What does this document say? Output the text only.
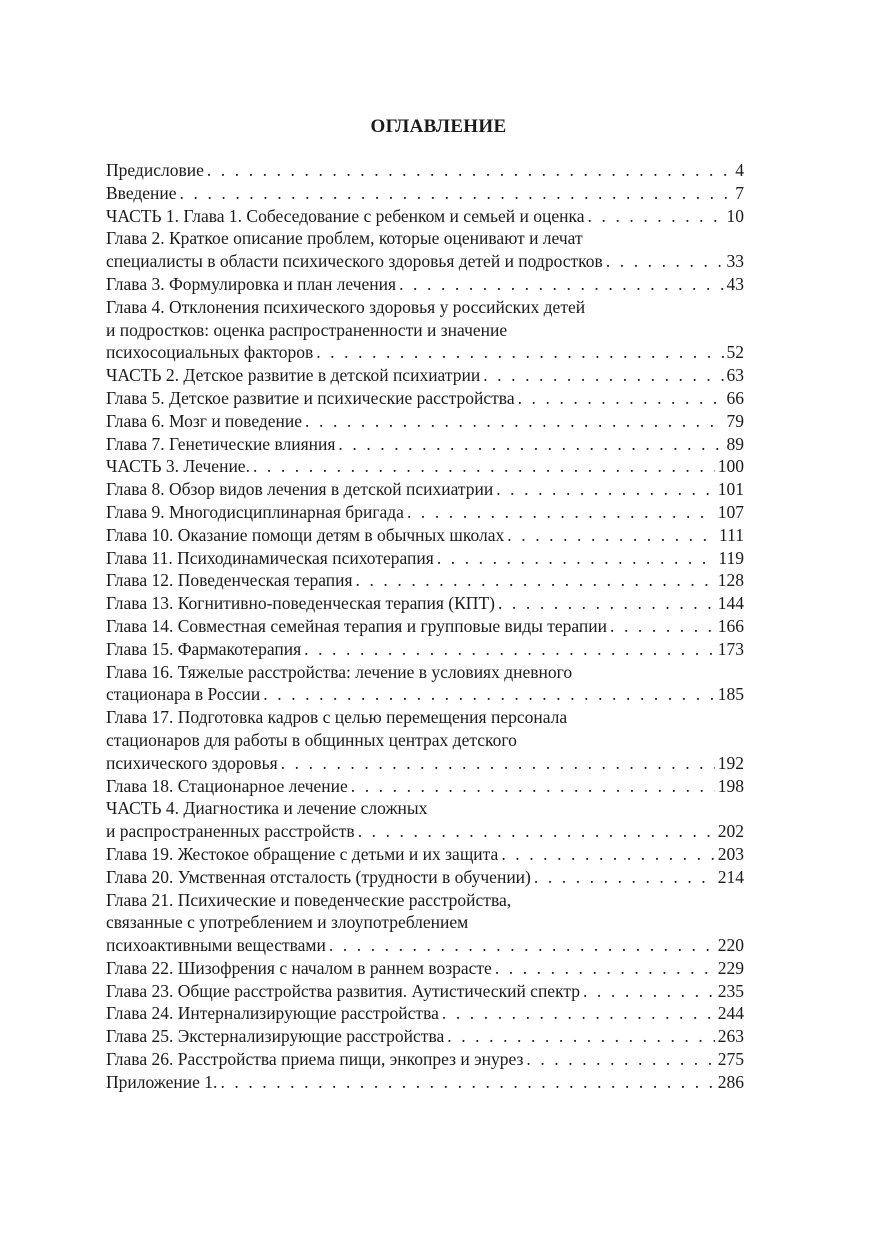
ОГЛАВЛЕНИЕ
Предисловие . . .	4
Введение . . .	7
ЧАСТЬ 1. Глава 1. Собеседование с ребенком и семьей и оценка . . .	10
Глава 2. Краткое описание проблем, которые оценивают и лечат
специалисты в области психического здоровья детей и подростков . . .	33
Глава 3. Формулировка и план лечения . . .	43
Глава 4. Отклонения психического здоровья у российских детей
и подростков: оценка распространенности и значение
психосоциальных факторов . . .	52
ЧАСТЬ 2. Детское развитие в детской психиатрии . . .	63
Глава 5. Детское развитие и психические расстройства . . .	66
Глава 6. Мозг и поведение . . .	79
Глава 7. Генетические влияния . . .	89
ЧАСТЬ 3. Лечение. . . .	100
Глава 8. Обзор видов лечения в детской психиатрии . . .	101
Глава 9. Многодисциплинарная бригада . . .	107
Глава 10. Оказание помощи детям в обычных школах . . .	111
Глава 11. Психодинамическая психотерапия . . .	119
Глава 12. Поведенческая терапия . . .	128
Глава 13. Когнитивно-поведенческая терапия (КПТ) . . .	144
Глава 14. Совместная семейная терапия и групповые виды терапии . . .	166
Глава 15. Фармакотерапия . . .	173
Глава 16. Тяжелые расстройства: лечение в условиях дневного
стационара в России . . .	185
Глава 17. Подготовка кадров с целью перемещения персонала
стационаров для работы в общинных центрах детского
психического здоровья . . .	192
Глава 18. Стационарное лечение . . .	198
ЧАСТЬ 4. Диагностика и лечение сложных
и распространенных расстройств . . .	202
Глава 19. Жестокое обращение с детьми и их защита . . .	203
Глава 20. Умственная отсталость (трудности в обучении) . . .	214
Глава 21. Психические и поведенческие расстройства,
связанные с употреблением и злоупотреблением
психоактивными веществами . . .	220
Глава 22. Шизофрения с началом в раннем возрасте . . .	229
Глава 23. Общие расстройства развития. Аутистический спектр . . .	235
Глава 24. Интернализирующие расстройства . . .	244
Глава 25. Экстернализирующие расстройства . . .	263
Глава 26. Расстройства приема пищи, энкопрез и энурез . . .	275
Приложение 1. . . .	286
